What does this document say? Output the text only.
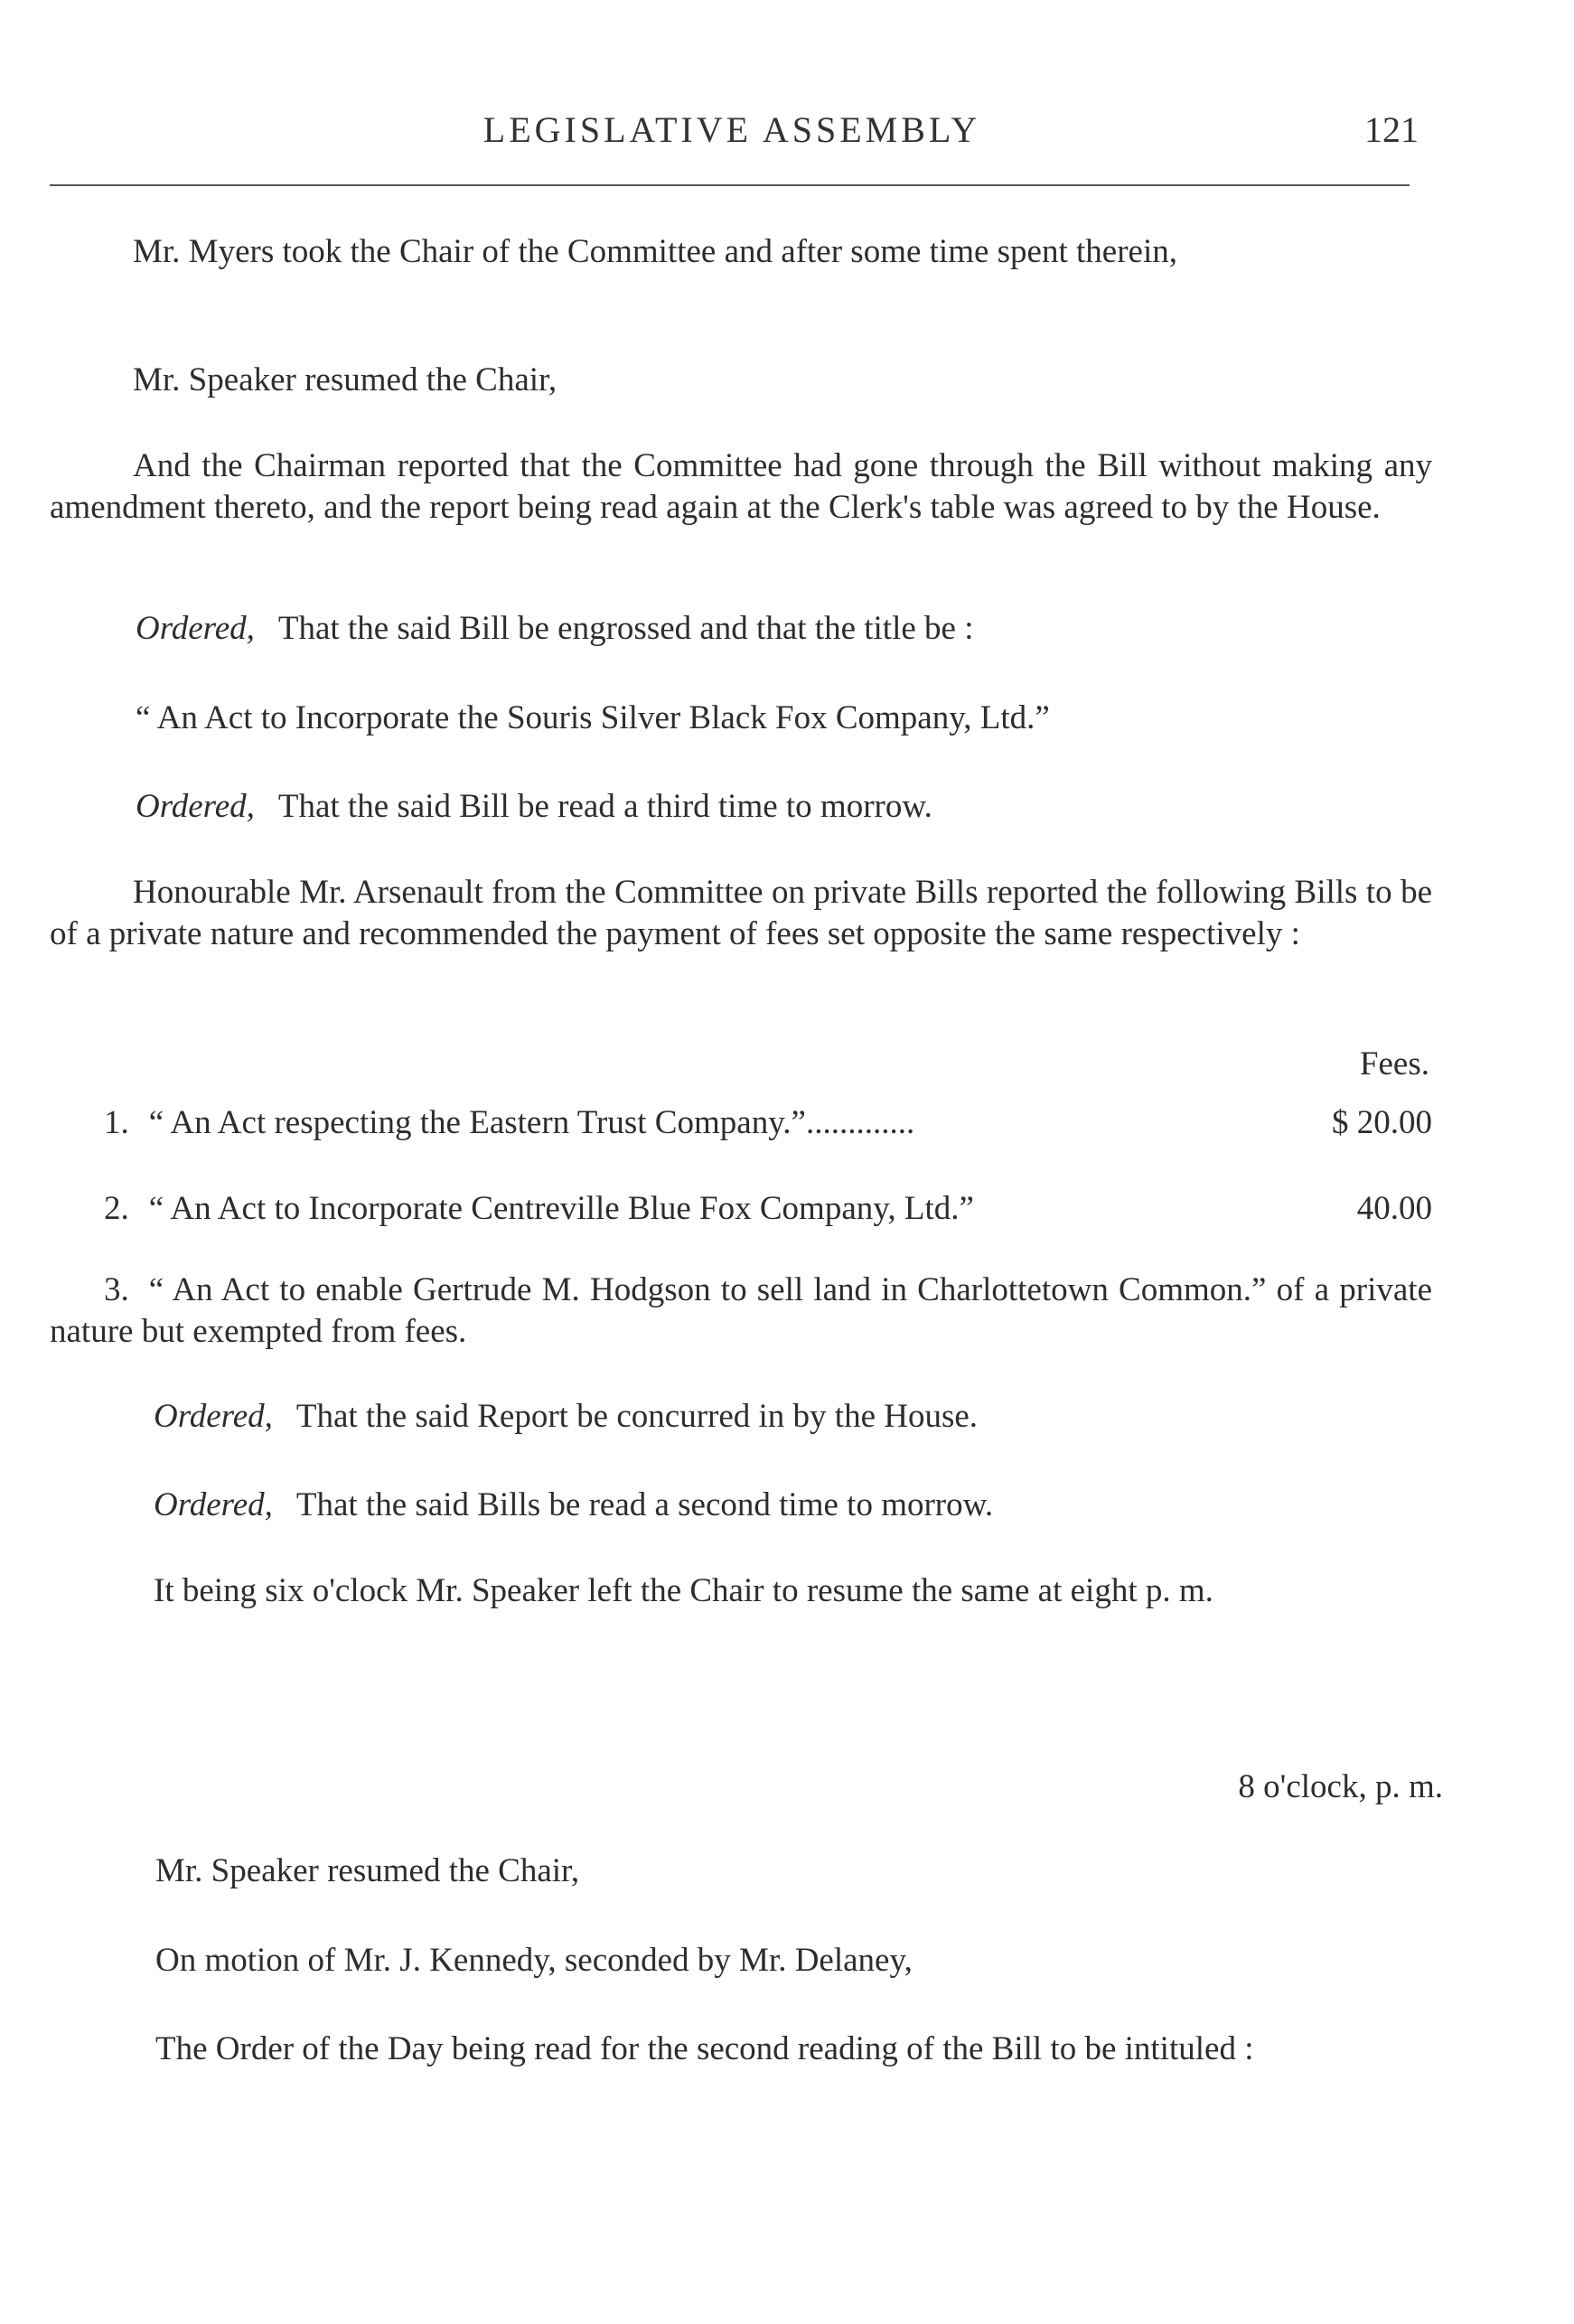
LEGISLATIVE ASSEMBLY	121
Mr. Myers took the Chair of the Committee and after some time spent therein,
Mr. Speaker resumed the Chair,
And the Chairman reported that the Committee had gone through the Bill without making any amendment thereto, and the report being read again at the Clerk's table was agreed to by the House.
Ordered, That the said Bill be engrossed and that the title be :
“ An Act to Incorporate the Souris Silver Black Fox Company, Ltd.”
Ordered, That the said Bill be read a third time to morrow.
Honourable Mr. Arsenault from the Committee on private Bills reported the following Bills to be of a private nature and recommended the payment of fees set opposite the same respectively :
Fees.
1. “ An Act respecting the Eastern Trust Company.”.............	$ 20.00
2. “ An Act to Incorporate Centreville Blue Fox Company, Ltd.”	40.00
3. “ An Act to enable Gertrude M. Hodgson to sell land in Charlottetown Common.” of a private nature but exempted from fees.
Ordered, That the said Report be concurred in by the House.
Ordered, That the said Bills be read a second time to morrow.
It being six o'clock Mr. Speaker left the Chair to resume the same at eight p. m.
8 o'clock, p. m.
Mr. Speaker resumed the Chair,
On motion of Mr. J. Kennedy, seconded by Mr. Delaney,
The Order of the Day being read for the second reading of the Bill to be intituled :
